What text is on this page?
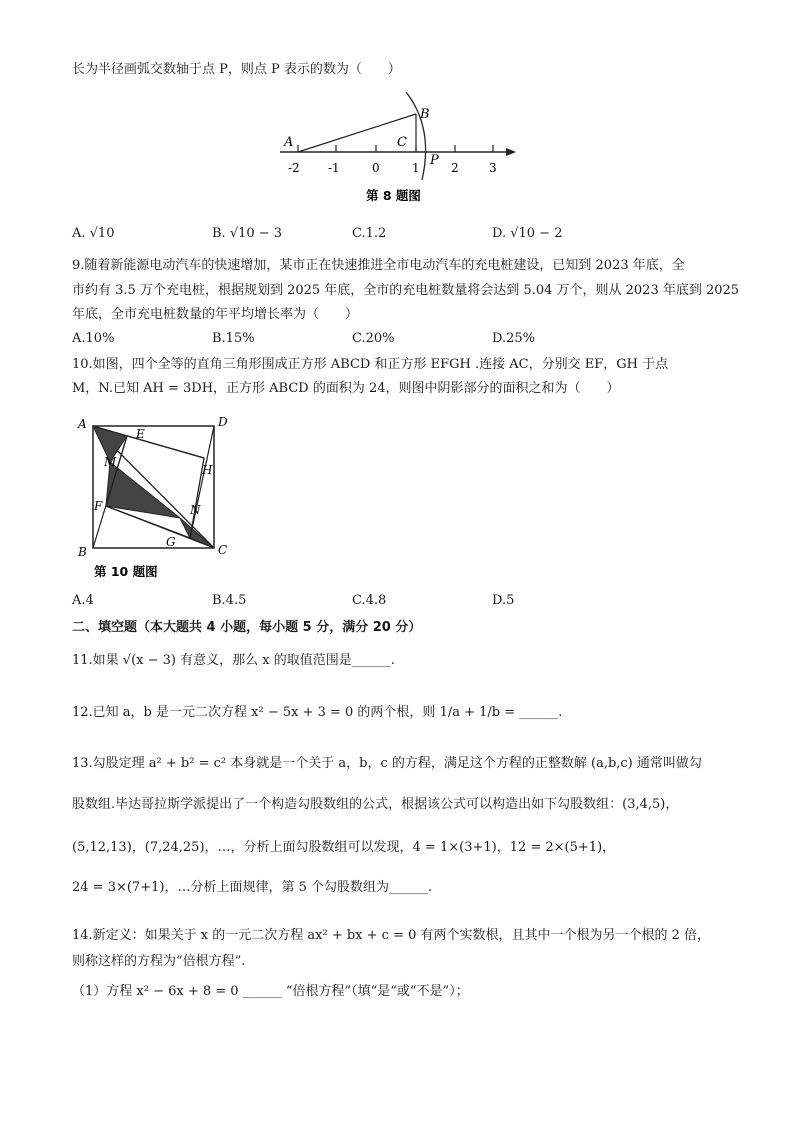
长为半径画弧交数轴于点 P，则点 P 表示的数为（　　）
A
B
C
P
-2 -1	0	1	2	3
第 8 题图
A. √10	B. √10 − 3	C.1.2	D. √10 − 2
9.随着新能源电动汽车的快速增加，某市正在快速推进全市电动汽车的充电桩建设，已知到 2023 年底，全
市约有 3.5 万个充电桩，根据规划到 2025 年底，全市的充电桩数量将会达到 5.04 万个，则从 2023 年底到 2025
年底，全市充电桩数量的年平均增长率为（　　）
A.10%	B.15%	C.20%	D.25%
10.如图，四个全等的直角三角形围成正方形 ABCD 和正方形 EFGH .连接 AC，分别交 EF，GH 于点
M，N.已知 AH = 3DH，正方形 ABCD 的面积为 24，则图中阴影部分的面积之和为（　　）
A
B	C
D
E
F
G
H
M
N
第 10 题图
A.4	B.4.5	C.4.8	D.5
二、填空题（本大题共 4 小题，每小题 5 分，满分 20 分）
11.如果 √(x − 3) 有意义，那么 x 的取值范围是______.
12.已知 a，b 是一元二次方程 x² − 5x + 3 = 0 的两个根，则 1/a + 1/b = ______.
13.勾股定理 a² + b² = c² 本身就是一个关于 a，b，c 的方程，满足这个方程的正整数解 (a,b,c) 通常叫做勾
股数组.毕达哥拉斯学派提出了一个构造勾股数组的公式，根据该公式可以构造出如下勾股数组：(3,4,5)，
(5,12,13)，(7,24,25)，…，分析上面勾股数组可以发现，4 = 1×(3+1)，12 = 2×(5+1)，
24 = 3×(7+1)，…分析上面规律，第 5 个勾股数组为______.
14.新定义：如果关于 x 的一元二次方程 ax² + bx + c = 0 有两个实数根，且其中一个根为另一个根的 2 倍，
则称这样的方程为“倍根方程”.
（1）方程 x² − 6x + 8 = 0 ______ “倍根方程”（填“是“或“不是”）；
